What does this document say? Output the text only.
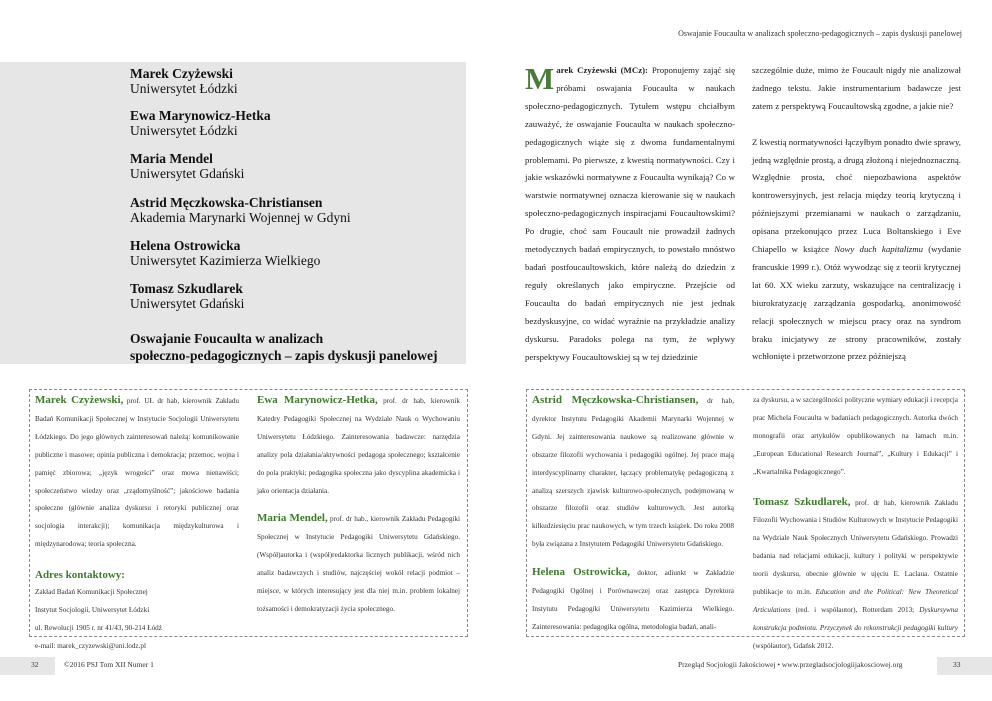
Oswajanie Foucaulta w analizach społeczno-pedagogicznych – zapis dyskusji panelowej
Marek Czyżewski
Uniwersytet Łódzki
Ewa Marynowicz-Hetka
Uniwersytet Łódzki
Maria Mendel
Uniwersytet Gdański
Astrid Męczkowska-Christiansen
Akademia Marynarki Wojennej w Gdyni
Helena Ostrowicka
Uniwersytet Kazimierza Wielkiego
Tomasz Szkudlarek
Uniwersytet Gdański
Oswajanie Foucaulta w analizach
społeczno-pedagogicznych – zapis dyskusji panelowej

Marek Czyżewski (MCz): Proponujemy zająć się próbami oswajania Foucaulta w naukach społeczno-pedagogicznych. Tytułem wstępu chciałbym zauważyć, że oswajanie Foucaulta w naukach społeczno-pedagogicznych wiąże się z dwoma fundamentalnymi problemami. Po pierwsze, z kwestią normatywności. Czy i jakie wskazówki normatywne z Foucaulta wynikają? Co w warstwie normatywnej oznacza kierowanie się w naukach społeczno-pedagogicznych inspiracjami Foucaultowskimi? Po drugie, choć sam Foucault nie prowadził żadnych metodycznych badań empirycznych, to powstało mnóstwo badań postfoucaultowskich, które należą do dziedzin z reguły określanych jako empiryczne. Przejście od Foucaulta do badań empirycznych nie jest jednak bezdyskusyjne, co widać wyraźnie na przykładzie analizy dyskursu. Paradoks polega na tym, że wpływy perspektywy Foucaultowskiej są w tej dziedzinie

szczególnie duże, mimo że Foucault nigdy nie analizował żadnego tekstu. Jakie instrumentarium badawcze jest zatem z perspektywą Foucaultowską zgodne, a jakie nie?

Z kwestią normatywności łączyłbym ponadto dwie sprawy, jedną względnie prostą, a drugą złożoną i niejednoznaczną. Względnie prosta, choć niepozbawiona aspektów kontrowersyjnych, jest relacja między teorią krytyczną i późniejszymi przemianami w naukach o zarządzaniu, opisana przekonująco przez Luca Boltanskiego i Eve Chiapello w książce Nowy duch kapitalizmu (wydanie francuskie 1999 r.). Otóż wywodząc się z teorii krytycznej lat 60. XX wieku zarzuty, wskazujące na centralizację i biurokratyzację zarządzania gospodarką, anonimowość relacji społecznych w miejscu pracy oraz na syndrom braku inicjatywy ze strony pracowników, zostały wchłonięte i przetworzone przez późniejszą

Marek Czyżewski, prof. UŁ dr hab, kierownik Zakładu Badań Komunikacji Społecznej w Instytucie Socjologii Uniwersytetu Łódzkiego. Do jego głównych zainteresowań należą: komunikowanie publiczne i masowe; opinia publiczna i demokracja; przemoc, wojna i pamięć zbiorowa; „język wrogości” oraz mowa nienawiści; społeczeństwo wiedzy oraz „rządomyślność”; jakościowe badania społeczne (głównie analiza dyskursu i retoryki publicznej oraz socjologia interakcji); komunikacja międzykulturowa i międzynarodowa; teoria społeczna.
Adres kontaktowy:
Zakład Badań Komunikacji Społecznej
Instytut Socjologii, Uniwersytet Łódzki
ul. Rewolucji 1905 r. nr 41/43, 90-214 Łódź
e-mail: marek_czyzewski@uni.lodz.pl
Ewa Marynowicz-Hetka, prof. dr hab, kierownik Katedry Pedagogiki Społecznej na Wydziale Nauk o Wychowaniu Uniwersytetu Łódzkiego. Zainteresowania badawcze: narzędzia analizy pola działania/aktywności pedagoga społecznego; kształcenie do pola praktyki; pedagogika społeczna jako dyscyplina akademicka i jako orientacja działania.
Maria Mendel, prof. dr hab., kierownik Zakładu Pedagogiki Społecznej w Instytucie Pedagogiki Uniwersytetu Gdańskiego. (Współ)autorka i (współ)redaktorka licznych publikacji, wśród nich analiz badawczych i studiów, najczęściej wokół relacji podmiot –miejsce, w których interesujący jest dla niej m.in. problem lokalnej tożsamości i demokratyzacji życia społecznego.
Astrid Męczkowska-Christiansen, dr hab, dyrektor Instytutu Pedagogiki Akademii Marynarki Wojennej w Gdyni. Jej zainteresowania naukowe są realizowane głównie w obszarze filozofii wychowania i pedagogiki ogólnej. Jej prace mają interdyscyplinarny charakter, łączący problematykę pedagogiczną z analizą szerszych zjawisk kulturowo-społecznych, podejmowaną w obszarze filozofii oraz studiów kulturowych. Jest autorką kilkudziesięciu prac naukowych, w tym trzech książek. Do roku 2008 była związana z Instytutem Pedagogiki Uniwersytetu Gdańskiego.
Helena Ostrowicka, doktor, adiunkt w Zakładzie Pedagogiki Ogólnej i Porównawczej oraz zastępca Dyrektora Instytutu Pedagogiki Uniwersytetu Kazimierza Wielkiego. Zainteresowania: pedagogika ogólna, metodologia badań, anali-
za dyskursu, a w szczególności polityczne wymiary edukacji i recepcja prac Michela Foucaulta w badaniach pedagogicznych. Autorka dwóch monografii oraz artykułów opublikowanych na łamach m.in. „European Educational Research Journal”, „Kultury i Edukacji” i „Kwartalnika Pedagogicznego”.
Tomasz Szkudlarek, prof. dr hab, kierownik Zakładu Filozofii Wychowania i Studiów Kulturowych w Instytucie Pedagogiki na Wydziale Nauk Społecznych Uniwersytetu Gdańskiego. Prowadzi badania nad relacjami edukacji, kultury i polityki w perspektywie teorii dyskursu, obecnie głównie w ujęciu E. Laclaua. Ostatnie publikacje to m.in. Education and the Political: New Theoretical Articulations (red. i współautor), Rotterdam 2013; Dyskursywna konstrukcja podmiotu. Przyczynek do rekonstrukcji pedagogiki kultury (współautor), Gdańsk 2012.
32	©2016 PSJ Tom XII Numer 1	Przegląd Socjologii Jakościowej • www.przegladsocjologiijakosciowej.org	33
